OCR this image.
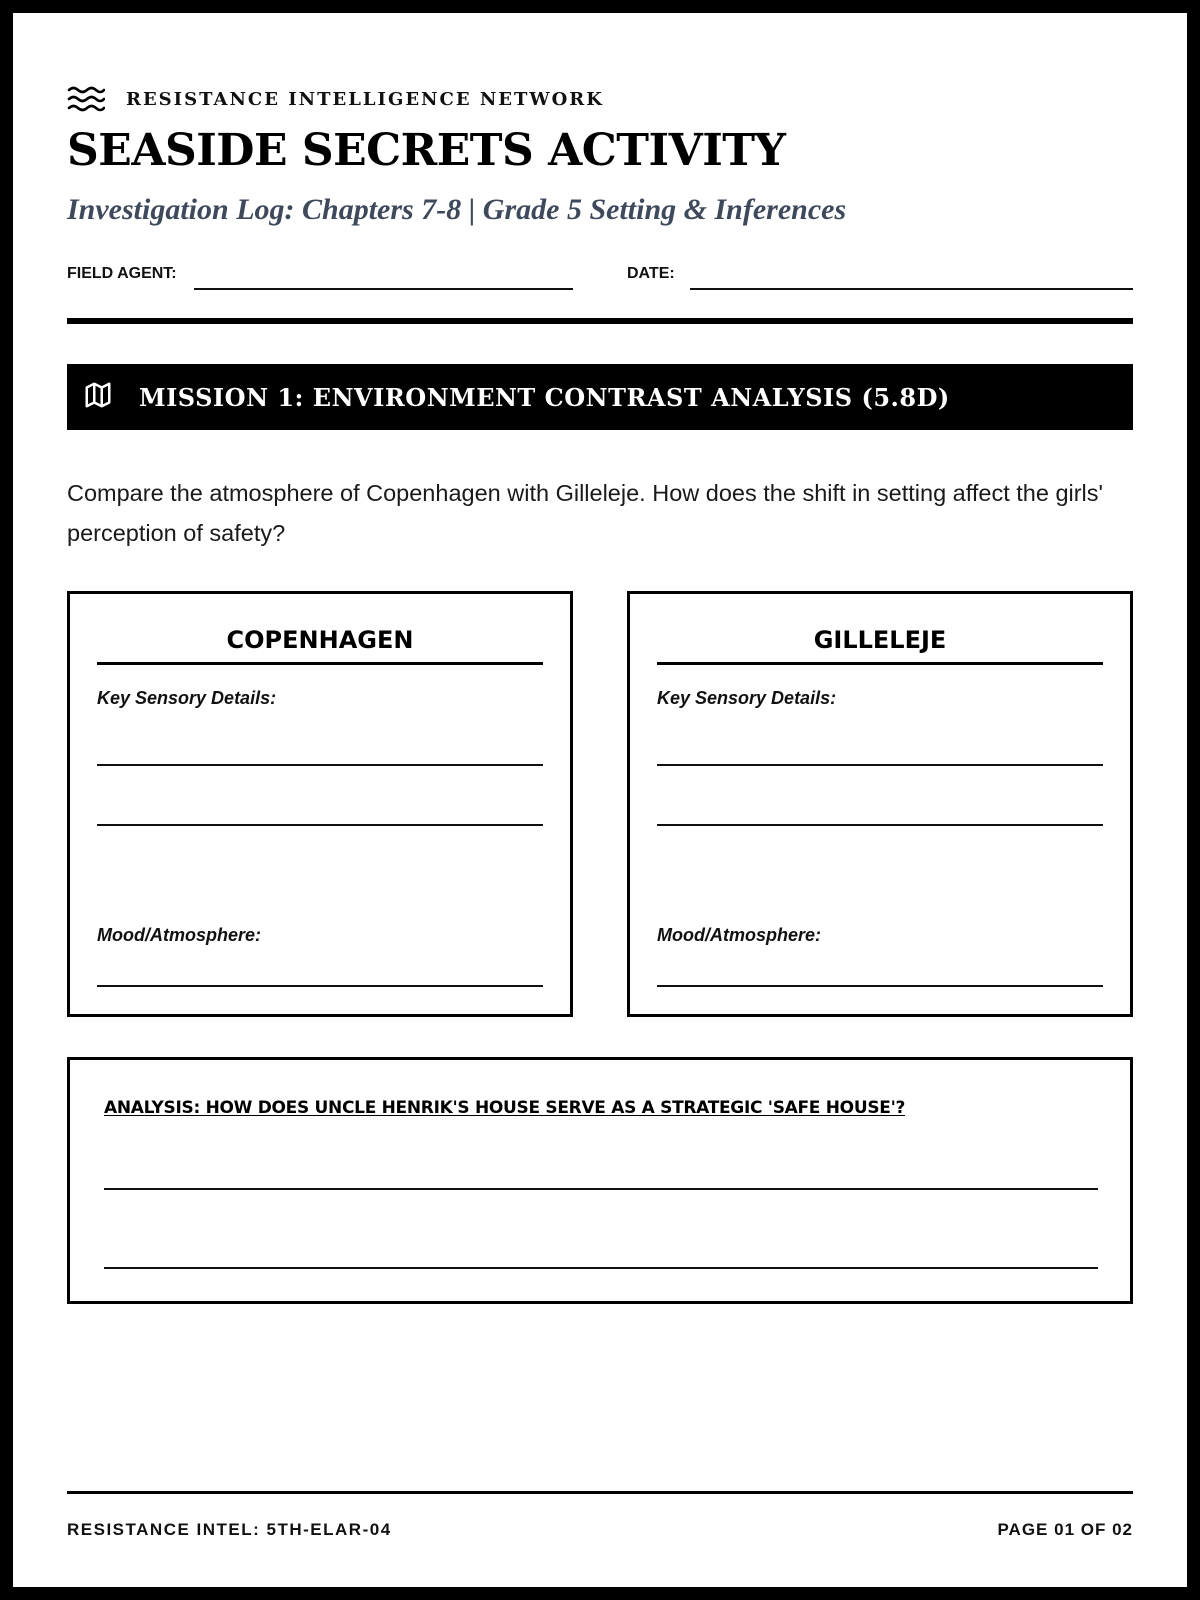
RESISTANCE INTELLIGENCE NETWORK
SEASIDE SECRETS ACTIVITY
Investigation Log: Chapters 7-8 | Grade 5 Setting & Inferences
FIELD AGENT:	DATE:
MISSION 1: ENVIRONMENT CONTRAST ANALYSIS (5.8D)
Compare the atmosphere of Copenhagen with Gilleleje. How does the shift in setting affect the girls' perception of safety?
COPENHAGEN
Key Sensory Details:
Mood/Atmosphere:
GILLELEJE
Key Sensory Details:
Mood/Atmosphere:
ANALYSIS: HOW DOES UNCLE HENRIK'S HOUSE SERVE AS A STRATEGIC 'SAFE HOUSE'?
RESISTANCE INTEL: 5TH-ELAR-04	PAGE 01 OF 02
